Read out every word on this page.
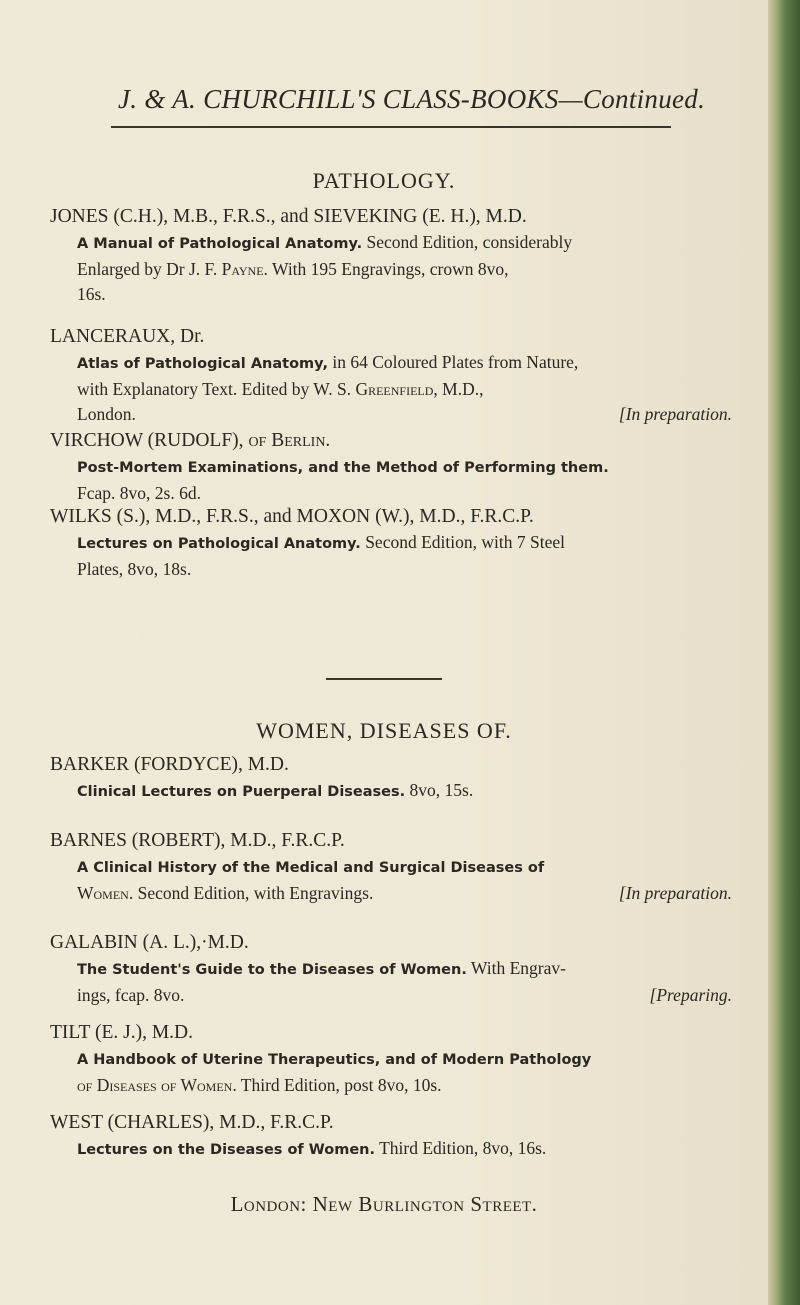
J. & A. CHURCHILL'S CLASS-BOOKS—Continued.
PATHOLOGY.
JONES (C.H.), M.B., F.R.S., and SIEVEKING (E. H.), M.D.
A Manual of Pathological Anatomy. Second Edition, considerably
Enlarged by Dr J. F. Payne. With 195 Engravings, crown 8vo,
16s.
LANCERAUX, Dr.
Atlas of Pathological Anatomy, in 64 Coloured Plates from Nature,
with Explanatory Text. Edited by W. S. Greenfield, M.D.,
London.	[In preparation.
VIRCHOW (RUDOLF), of Berlin.
Post-Mortem Examinations, and the Method of Performing them.
Fcap. 8vo, 2s. 6d.
WILKS (S.), M.D., F.R.S., and MOXON (W.), M.D., F.R.C.P.
Lectures on Pathological Anatomy. Second Edition, with 7 Steel
Plates, 8vo, 18s.
WOMEN, DISEASES OF.
BARKER (FORDYCE), M.D.
Clinical Lectures on Puerperal Diseases. 8vo, 15s.
BARNES (ROBERT), M.D., F.R.C.P.
A Clinical History of the Medical and Surgical Diseases of
Women. Second Edition, with Engravings.	[In preparation.
GALABIN (A. L.),·M.D.
The Student's Guide to the Diseases of Women. With Engrav-
ings, fcap. 8vo.	[Preparing.
TILT (E. J.), M.D.
A Handbook of Uterine Therapeutics, and of Modern Pathology
of Diseases of Women. Third Edition, post 8vo, 10s.
WEST (CHARLES), M.D., F.R.C.P.
Lectures on the Diseases of Women. Third Edition, 8vo, 16s.
London: New Burlington Street.
